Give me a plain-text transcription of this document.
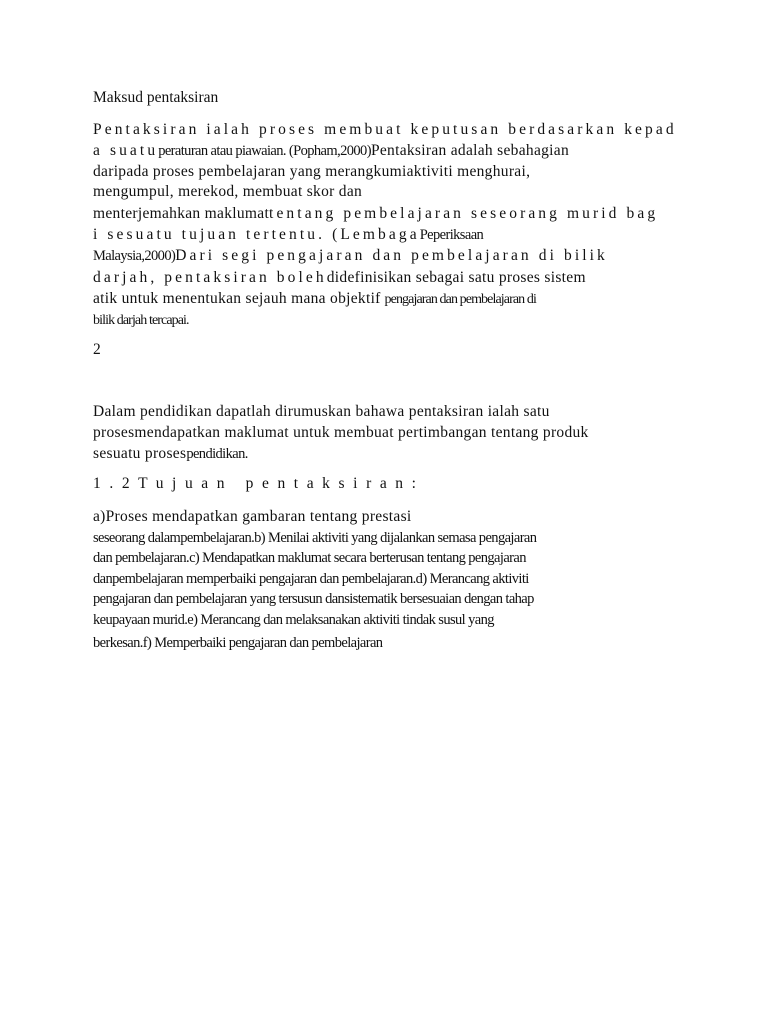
Maksud pentaksiran
Pentaksiran ialah proses membuat keputusan berdasarkan kepad
a suatuperaturan atau piawaian. (Popham,2000)Pentaksiran adalah sebahagian
daripada proses pembelajaran yang merangkumiaktiviti menghurai,
mengumpul, merekod, membuat skor dan
menterjemahkan maklumattentang pembelajaran seseorang murid bag
i sesuatu tujuan tertentu. (LembagaPeperiksaan
Malaysia,2000)Dari segi pengajaran dan pembelajaran di bilik
darjah, pentaksiran bolehdidefinisikan sebagai satu proses sistem
atik untuk menentukan sejauh mana objektif pengajaran dan pembelajaran di
bilik darjah tercapai.
2
Dalam pendidikan dapatlah dirumuskan bahawa pentaksiran ialah satu
prosesmendapatkan maklumat untuk membuat pertimbangan tentang produk
sesuatu prosespendidikan.
1.2Tujuan pentaksiran:
a)Proses mendapatkan gambaran tentang prestasi
seseorang dalampembelajaran.b) Menilai aktiviti yang dijalankan semasa pengajaran
dan pembelajaran.c) Mendapatkan maklumat secara berterusan tentang pengajaran
danpembelajaran memperbaiki pengajaran dan pembelajaran.d) Merancang aktiviti
pengajaran dan pembelajaran yang tersusun dansistematik bersesuaian dengan tahap
keupayaan murid.e) Merancang dan melaksanakan aktiviti tindak susul yang
berkesan.f) Memperbaiki pengajaran dan pembelajaran
